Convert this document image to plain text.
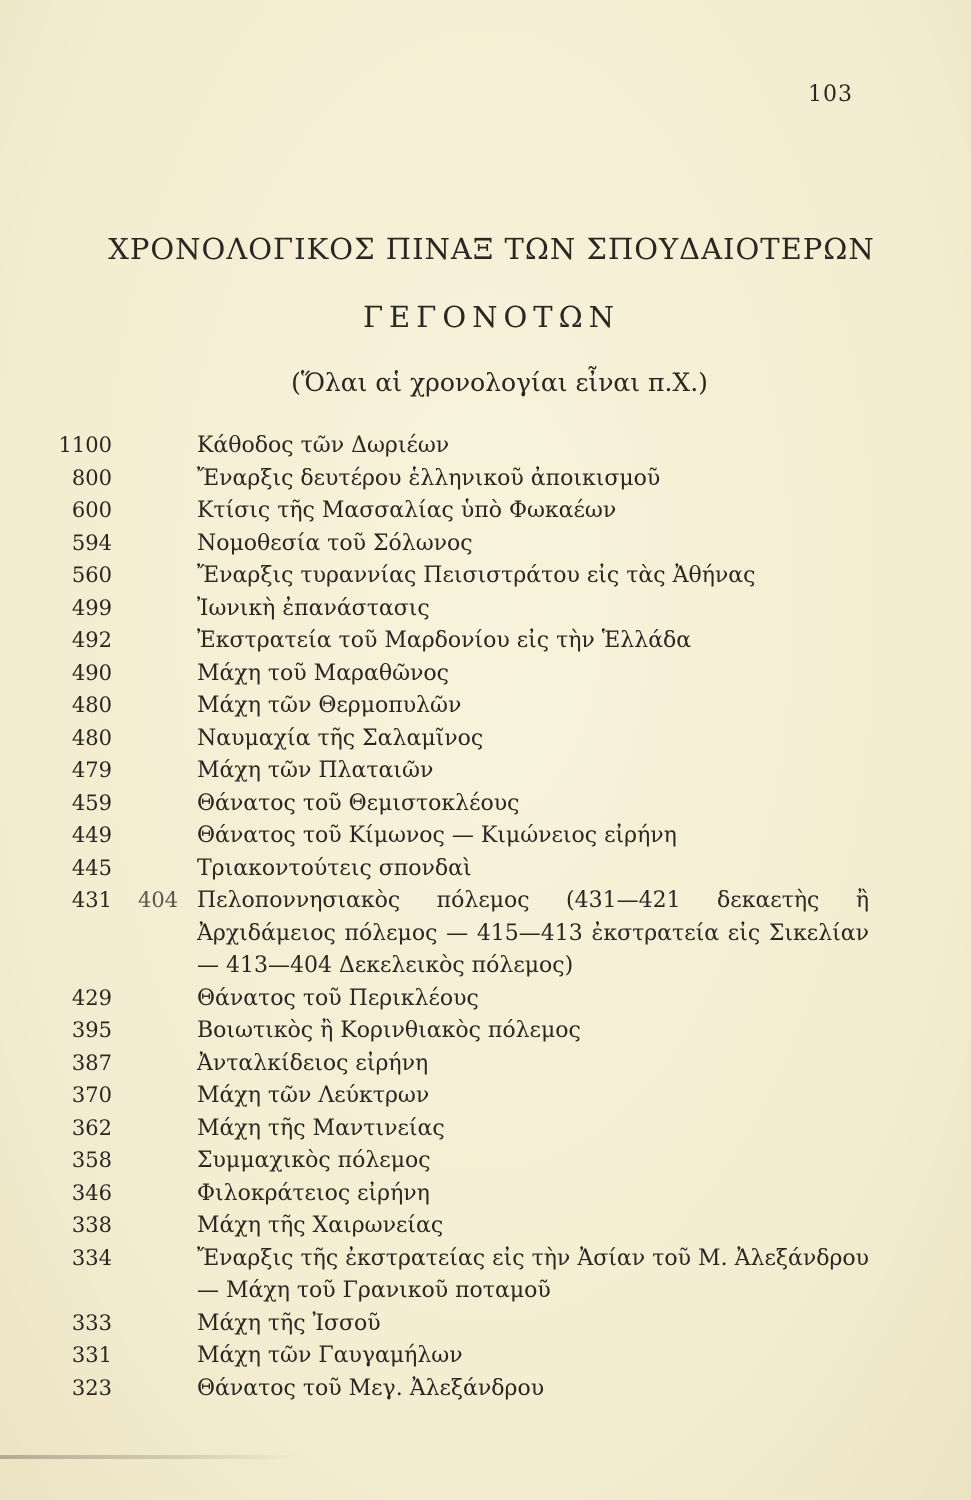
103
ΧΡΟΝΟΛΟΓΙΚΟΣ ΠΙΝΑΞ ΤΩΝ ΣΠΟΥΔΑΙΟΤΕΡΩΝ
ΓΕΓΟΝΟΤΩΝ
(Ὅλαι αἱ χρονολογίαι εἶναι π.Χ.)
1100	Κάθοδος τῶν Δωριέων
800	Ἔναρξις δευτέρου ἑλληνικοῦ ἀποικισμοῦ
600	Κτίσις τῆς Μασσαλίας ὑπὸ Φωκαέων
594	Νομοθεσία τοῦ Σόλωνος
560	Ἔναρξις τυραννίας Πεισιστράτου εἰς τὰς Ἀθήνας
499	Ἰωνικὴ ἐπανάστασις
492	Ἐκστρατεία τοῦ Μαρδονίου εἰς τὴν Ἑλλάδα
490	Μάχη τοῦ Μαραθῶνος
480	Μάχη τῶν Θερμοπυλῶν
480	Ναυμαχία τῆς Σαλαμῖνος
479	Μάχη τῶν Πλαταιῶν
459	Θάνατος τοῦ Θεμιστοκλέους
449	Θάνατος τοῦ Κίμωνος — Κιμώνειος εἰρήνη
445	Τριακοντούτεις σπονδαὶ
431 404 Πελοποννησιακὸς πόλεμος (431—421 δεκαετὴς ἢ Ἀρχιδάμειος πόλεμος — 415—413 ἐκστρατεία εἰς Σικελίαν — 413—404 Δεκελεικὸς πόλεμος)
429	Θάνατος τοῦ Περικλέους
395	Βοιωτικὸς ἢ Κορινθιακὸς πόλεμος
387	Ἀνταλκίδειος εἰρήνη
370	Μάχη τῶν Λεύκτρων
362	Μάχη τῆς Μαντινείας
358	Συμμαχικὸς πόλεμος
346	Φιλοκράτειος εἰρήνη
338	Μάχη τῆς Χαιρωνείας
334	Ἔναρξις τῆς ἐκστρατείας εἰς τὴν Ἀσίαν τοῦ Μ. Ἀλεξάνδρου — Μάχη τοῦ Γρανικοῦ ποταμοῦ
333	Μάχη τῆς Ἰσσοῦ
331	Μάχη τῶν Γαυγαμήλων
323	Θάνατος τοῦ Μεγ. Ἀλεξάνδρου
